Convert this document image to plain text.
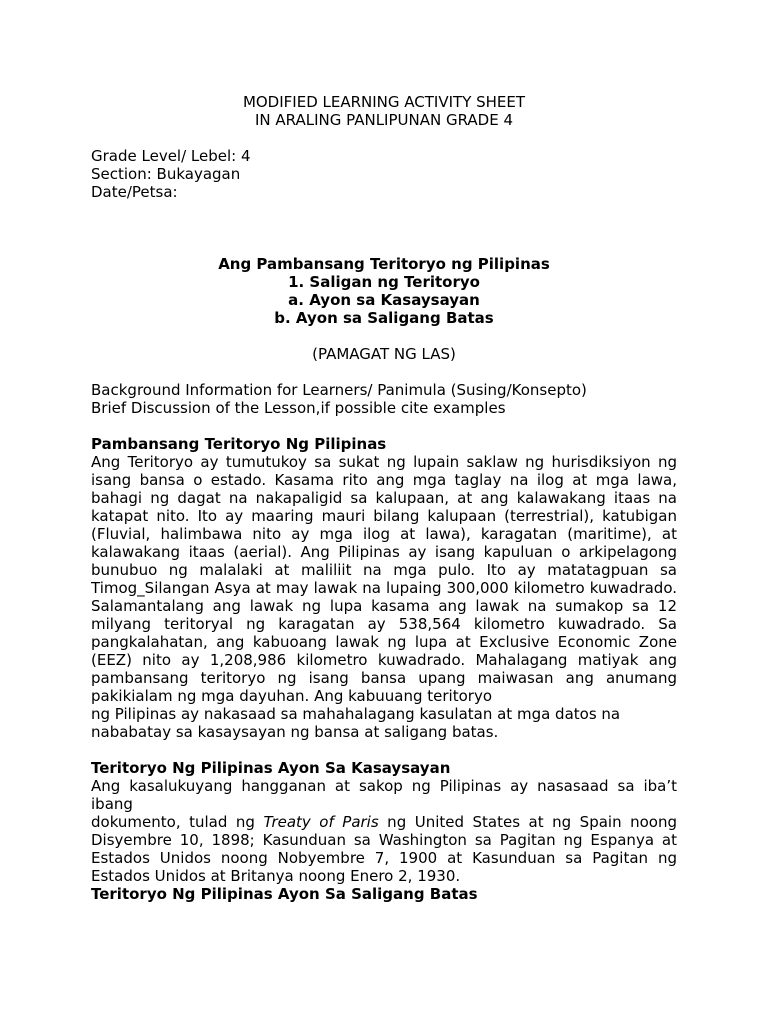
MODIFIED LEARNING ACTIVITY SHEET
IN ARALING PANLIPUNAN GRADE 4
Grade Level/ Lebel: 4
Section: Bukayagan
Date/Petsa:
Ang Pambansang Teritoryo ng Pilipinas
1. Saligan ng Teritoryo
a. Ayon sa Kasaysayan
b. Ayon sa Saligang Batas
(PAMAGAT NG LAS)
Background Information for Learners/ Panimula (Susing/Konsepto)
Brief Discussion of the Lesson,if possible cite examples
Pambansang Teritoryo Ng Pilipinas
Ang Teritoryo ay tumutukoy sa sukat ng lupain saklaw ng hurisdiksiyon ng isang bansa o estado. Kasama rito ang mga taglay na ilog at mga lawa, bahagi ng dagat na nakapaligid sa kalupaan, at ang kalawakang itaas na katapat nito. Ito ay maaring mauri bilang kalupaan (terrestrial), katubigan (Fluvial, halimbawa nito ay mga ilog at lawa), karagatan (maritime), at kalawakang itaas (aerial). Ang Pilipinas ay isang kapuluan o arkipelagong bunubuo ng malalaki at maliliit na mga pulo. Ito ay matatagpuan sa Timog_Silangan Asya at may lawak na lupaing 300,000 kilometro kuwadrado. Salamantalang ang lawak ng lupa kasama ang lawak na sumakop sa 12 milyang teritoryal ng karagatan ay 538,564 kilometro kuwadrado. Sa pangkalahatan, ang kabuoang lawak ng lupa at Exclusive Economic Zone (EEZ) nito ay 1,208,986 kilometro kuwadrado. Mahalagang matiyak ang pambansang teritoryo ng isang bansa upang maiwasan ang anumang pakikialam ng mga dayuhan. Ang kabuuang teritoryo
ng Pilipinas ay nakasaad sa mahahalagang kasulatan at mga datos na
nababatay sa kasaysayan ng bansa at saligang batas.
Teritoryo Ng Pilipinas Ayon Sa Kasaysayan
Ang kasalukuyang hangganan at sakop ng Pilipinas ay nasasaad sa iba’t ibang
dokumento, tulad ng Treaty of Paris ng United States at ng Spain noong Disyembre 10, 1898; Kasunduan sa Washington sa Pagitan ng Espanya at Estados Unidos noong Nobyembre 7, 1900 at Kasunduan sa Pagitan ng Estados Unidos at Britanya noong Enero 2, 1930.
Teritoryo Ng Pilipinas Ayon Sa Saligang Batas
